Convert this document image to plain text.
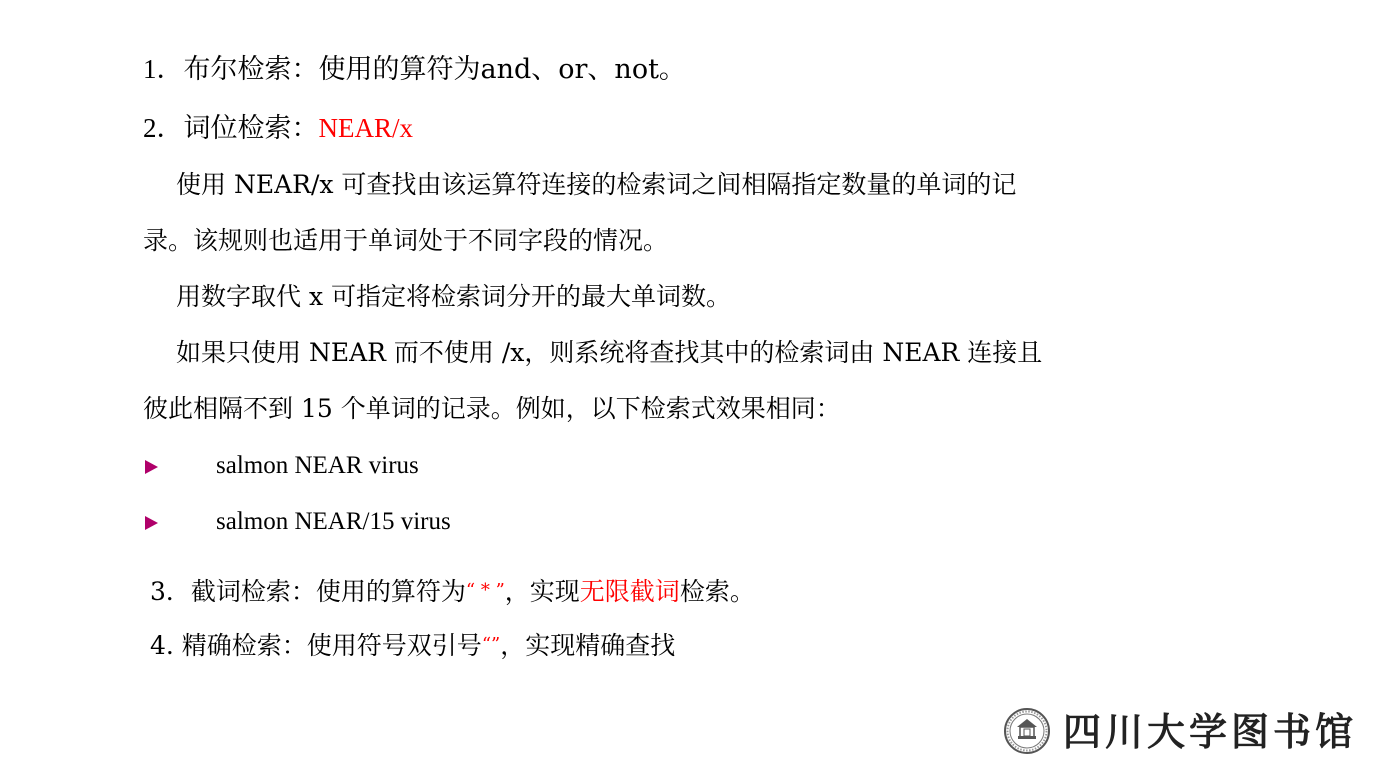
1．布尔检索：使用的算符为and、or、not。
2．词位检索：NEAR/x
使用 NEAR/x 可查找由该运算符连接的检索词之间相隔指定数量的单词的记
录。该规则也适用于单词处于不同字段的情况。
用数字取代 x 可指定将检索词分开的最大单词数。
如果只使用 NEAR 而不使用 /x，则系统将查找其中的检索词由 NEAR 连接且
彼此相隔不到 15 个单词的记录。例如，以下检索式效果相同：
salmon NEAR virus
salmon NEAR/15 virus
3．截词检索：使用的算符为“ * ”，实现无限截词检索。
4. 精确检索：使用符号双引号“”，实现精确查找
四川大学图书馆
